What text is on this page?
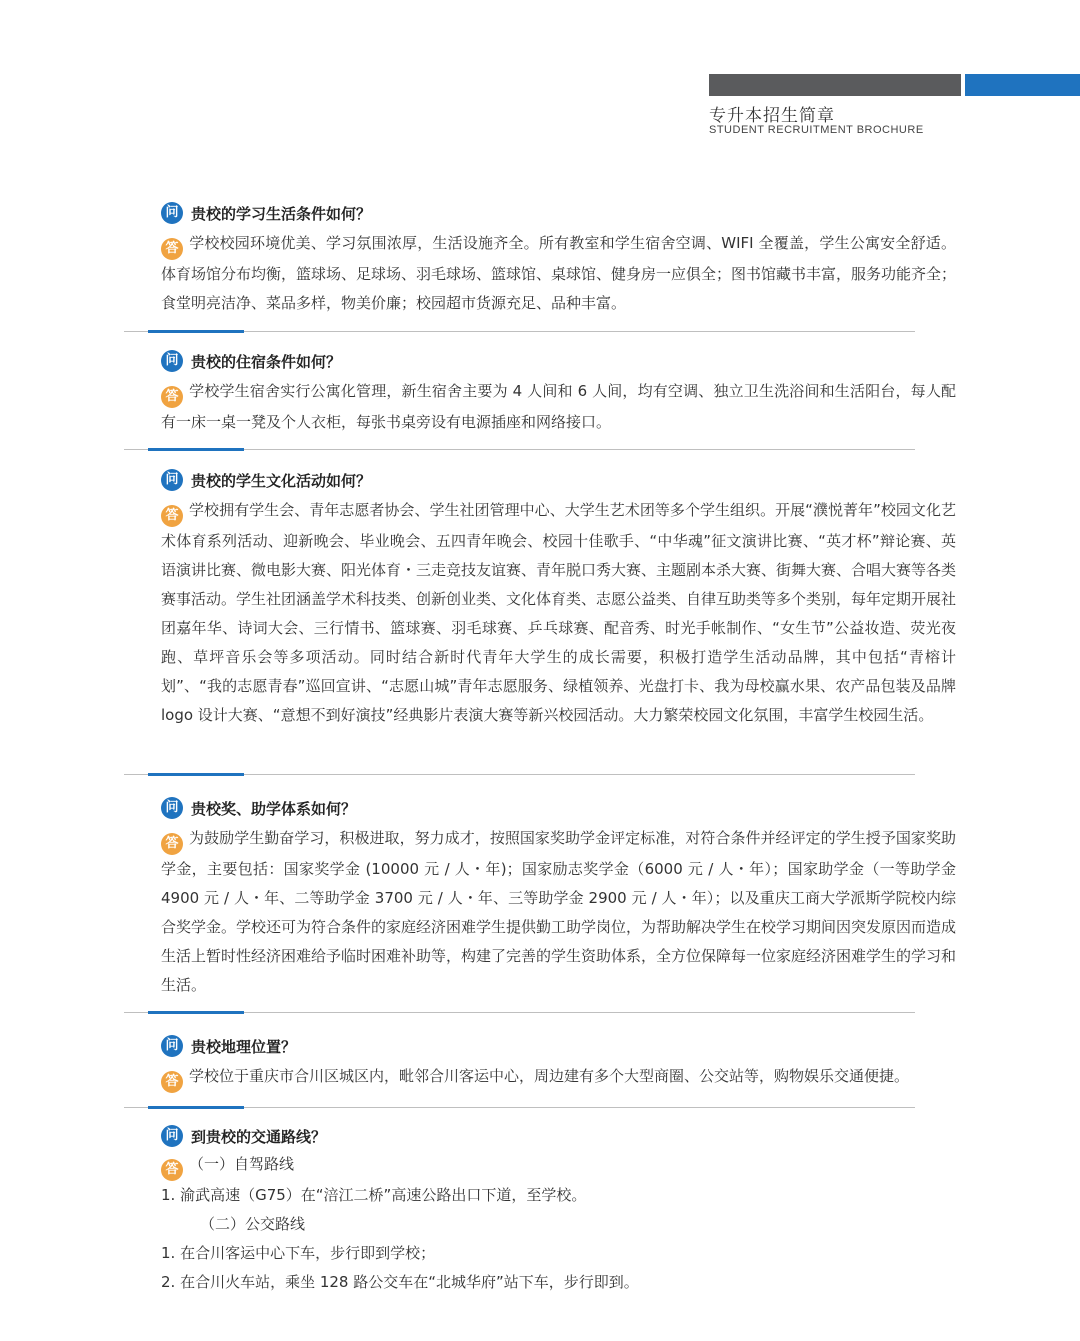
专升本招生简章
STUDENT RECRUITMENT BROCHURE
问 贵校的学习生活条件如何？
答 学校校园环境优美、学习氛围浓厚，生活设施齐全。所有教室和学生宿舍空调、WIFI 全覆盖，学生公寓安全舒适。体育场馆分布均衡，篮球场、足球场、羽毛球场、篮球馆、桌球馆、健身房一应俱全；图书馆藏书丰富，服务功能齐全；食堂明亮洁净、菜品多样，物美价廉；校园超市货源充足、品种丰富。
问 贵校的住宿条件如何？
答 学校学生宿舍实行公寓化管理，新生宿舍主要为 4 人间和 6 人间，均有空调、独立卫生洗浴间和生活阳台，每人配有一床一桌一凳及个人衣柜，每张书桌旁设有电源插座和网络接口。
问 贵校的学生文化活动如何？
答 学校拥有学生会、青年志愿者协会、学生社团管理中心、大学生艺术团等多个学生组织。开展“濮悦菁年”校园文化艺术体育系列活动、迎新晚会、毕业晚会、五四青年晚会、校园十佳歌手、“中华魂”征文演讲比赛、“英才杯”辩论赛、英语演讲比赛、微电影大赛、阳光体育・三走竞技友谊赛、青年脱口秀大赛、主题剧本杀大赛、街舞大赛、合唱大赛等各类赛事活动。学生社团涵盖学术科技类、创新创业类、文化体育类、志愿公益类、自律互助类等多个类别，每年定期开展社团嘉年华、诗词大会、三行情书、篮球赛、羽毛球赛、乒乓球赛、配音秀、时光手帐制作、“女生节”公益妆造、荧光夜跑、草坪音乐会等多项活动。同时结合新时代青年大学生的成长需要，积极打造学生活动品牌，其中包括“青榕计划”、“我的志愿青春”巡回宣讲、“志愿山城”青年志愿服务、绿植领养、光盘打卡、我为母校赢水果、农产品包装及品牌 logo 设计大赛、“意想不到好演技”经典影片表演大赛等新兴校园活动。大力繁荣校园文化氛围，丰富学生校园生活。
问 贵校奖、助学体系如何？
答 为鼓励学生勤奋学习，积极进取，努力成才，按照国家奖助学金评定标准，对符合条件并经评定的学生授予国家奖助学金，主要包括：国家奖学金 (10000 元 / 人・年)；国家励志奖学金（6000 元 / 人・年）；国家助学金（一等助学金 4900 元 / 人・年、二等助学金 3700 元 / 人・年、三等助学金 2900 元 / 人・年）；以及重庆工商大学派斯学院校内综合奖学金。学校还可为符合条件的家庭经济困难学生提供勤工助学岗位，为帮助解决学生在校学习期间因突发原因而造成生活上暂时性经济困难给予临时困难补助等，构建了完善的学生资助体系，全方位保障每一位家庭经济困难学生的学习和生活。
问 贵校地理位置？
答 学校位于重庆市合川区城区内，毗邻合川客运中心，周边建有多个大型商圈、公交站等，购物娱乐交通便捷。
问 到贵校的交通路线？
答 （一）自驾路线
1. 渝武高速（G75）在“涪江二桥”高速公路出口下道，至学校。
（二）公交路线
1. 在合川客运中心下车，步行即到学校；
2. 在合川火车站，乘坐 128 路公交车在“北城华府”站下车，步行即到。
